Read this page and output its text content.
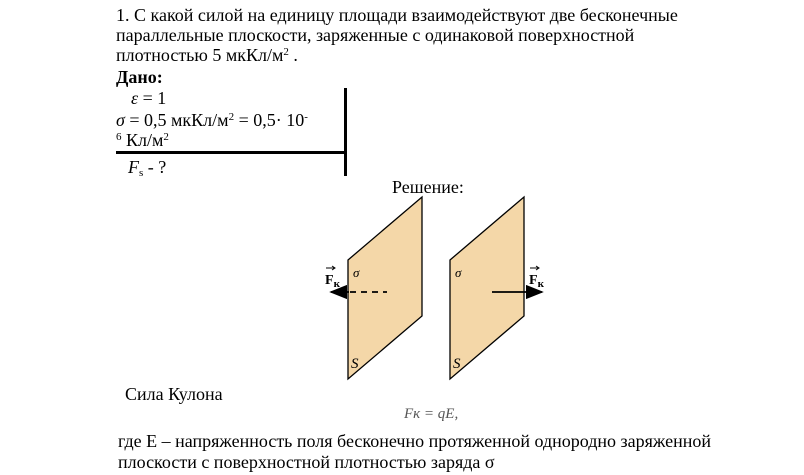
1. С какой силой на единицу площади взаимодействуют две бесконечные
параллельные плоскости, заряженные с одинаковой поверхностной
плотностью 5 мкКл/$м^2$ .
Дано:
ε = 1
σ = 0,5 мкКл/$м^2 = 0,5\cdot 10^-$
$^6$ $Кл/м^2$
$F_s$ - ?
Решение:
$F_к$	$F_к$
σ	σ
S	S
Сила Кулона
Fк = qE,
где E – напряженность поля бесконечно протяженной однородно заряженной
плоскости с поверхностной плотностью заряда σ
